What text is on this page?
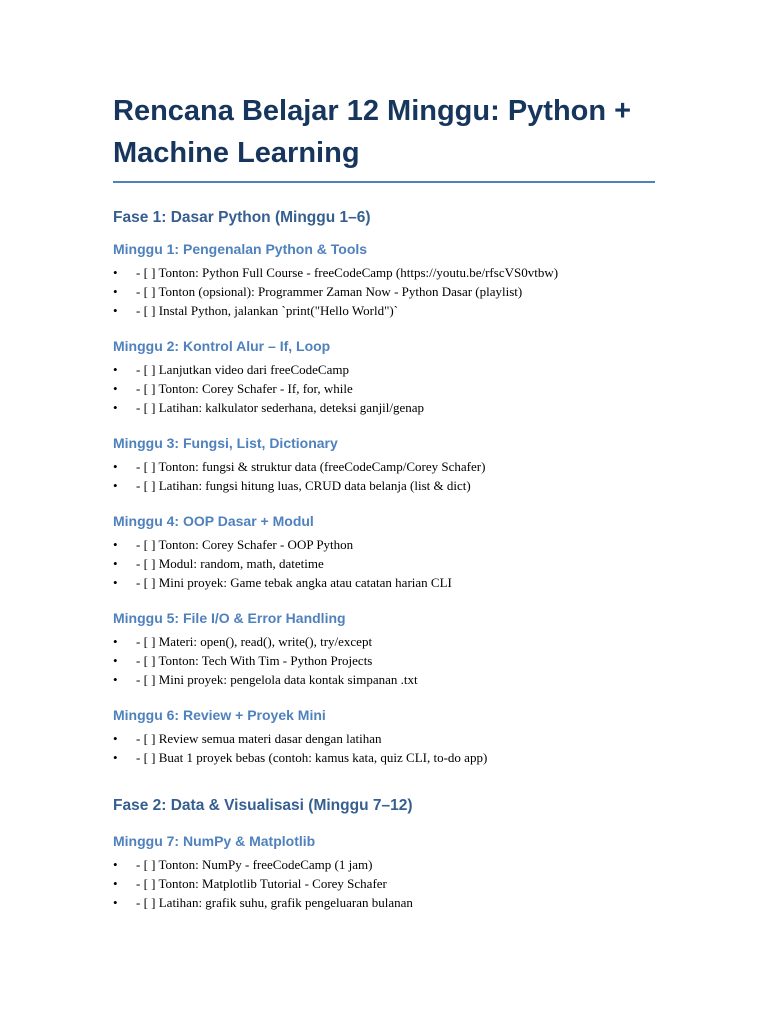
Rencana Belajar 12 Minggu: Python + Machine Learning
Fase 1: Dasar Python (Minggu 1–6)
Minggu 1: Pengenalan Python & Tools
• - [ ] Tonton: Python Full Course - freeCodeCamp (https://youtu.be/rfscVS0vtbw)
• - [ ] Tonton (opsional): Programmer Zaman Now - Python Dasar (playlist)
• - [ ] Instal Python, jalankan `print("Hello World")`
Minggu 2: Kontrol Alur – If, Loop
• - [ ] Lanjutkan video dari freeCodeCamp
• - [ ] Tonton: Corey Schafer - If, for, while
• - [ ] Latihan: kalkulator sederhana, deteksi ganjil/genap
Minggu 3: Fungsi, List, Dictionary
• - [ ] Tonton: fungsi & struktur data (freeCodeCamp/Corey Schafer)
• - [ ] Latihan: fungsi hitung luas, CRUD data belanja (list & dict)
Minggu 4: OOP Dasar + Modul
• - [ ] Tonton: Corey Schafer - OOP Python
• - [ ] Modul: random, math, datetime
• - [ ] Mini proyek: Game tebak angka atau catatan harian CLI
Minggu 5: File I/O & Error Handling
• - [ ] Materi: open(), read(), write(), try/except
• - [ ] Tonton: Tech With Tim - Python Projects
• - [ ] Mini proyek: pengelola data kontak simpanan .txt
Minggu 6: Review + Proyek Mini
• - [ ] Review semua materi dasar dengan latihan
• - [ ] Buat 1 proyek bebas (contoh: kamus kata, quiz CLI, to-do app)
Fase 2: Data & Visualisasi (Minggu 7–12)
Minggu 7: NumPy & Matplotlib
• - [ ] Tonton: NumPy - freeCodeCamp (1 jam)
• - [ ] Tonton: Matplotlib Tutorial - Corey Schafer
• - [ ] Latihan: grafik suhu, grafik pengeluaran bulanan
